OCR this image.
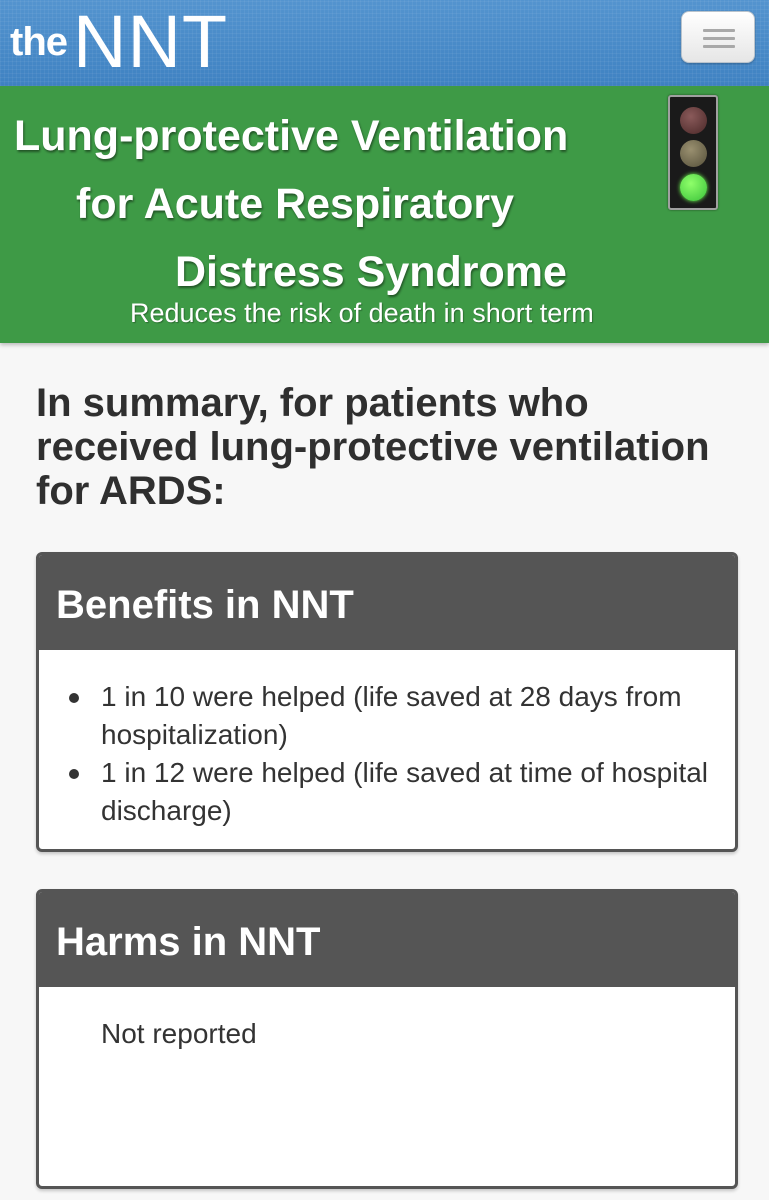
theNNT
Lung-protective Ventilation
for Acute Respiratory
Distress Syndrome
Reduces the risk of death in short term
In summary, for patients who received lung-protective ventilation for ARDS:
Benefits in NNT
1 in 10 were helped (life saved at 28 days from hospitalization)
1 in 12 were helped (life saved at time of hospital discharge)
Harms in NNT
Not reported
